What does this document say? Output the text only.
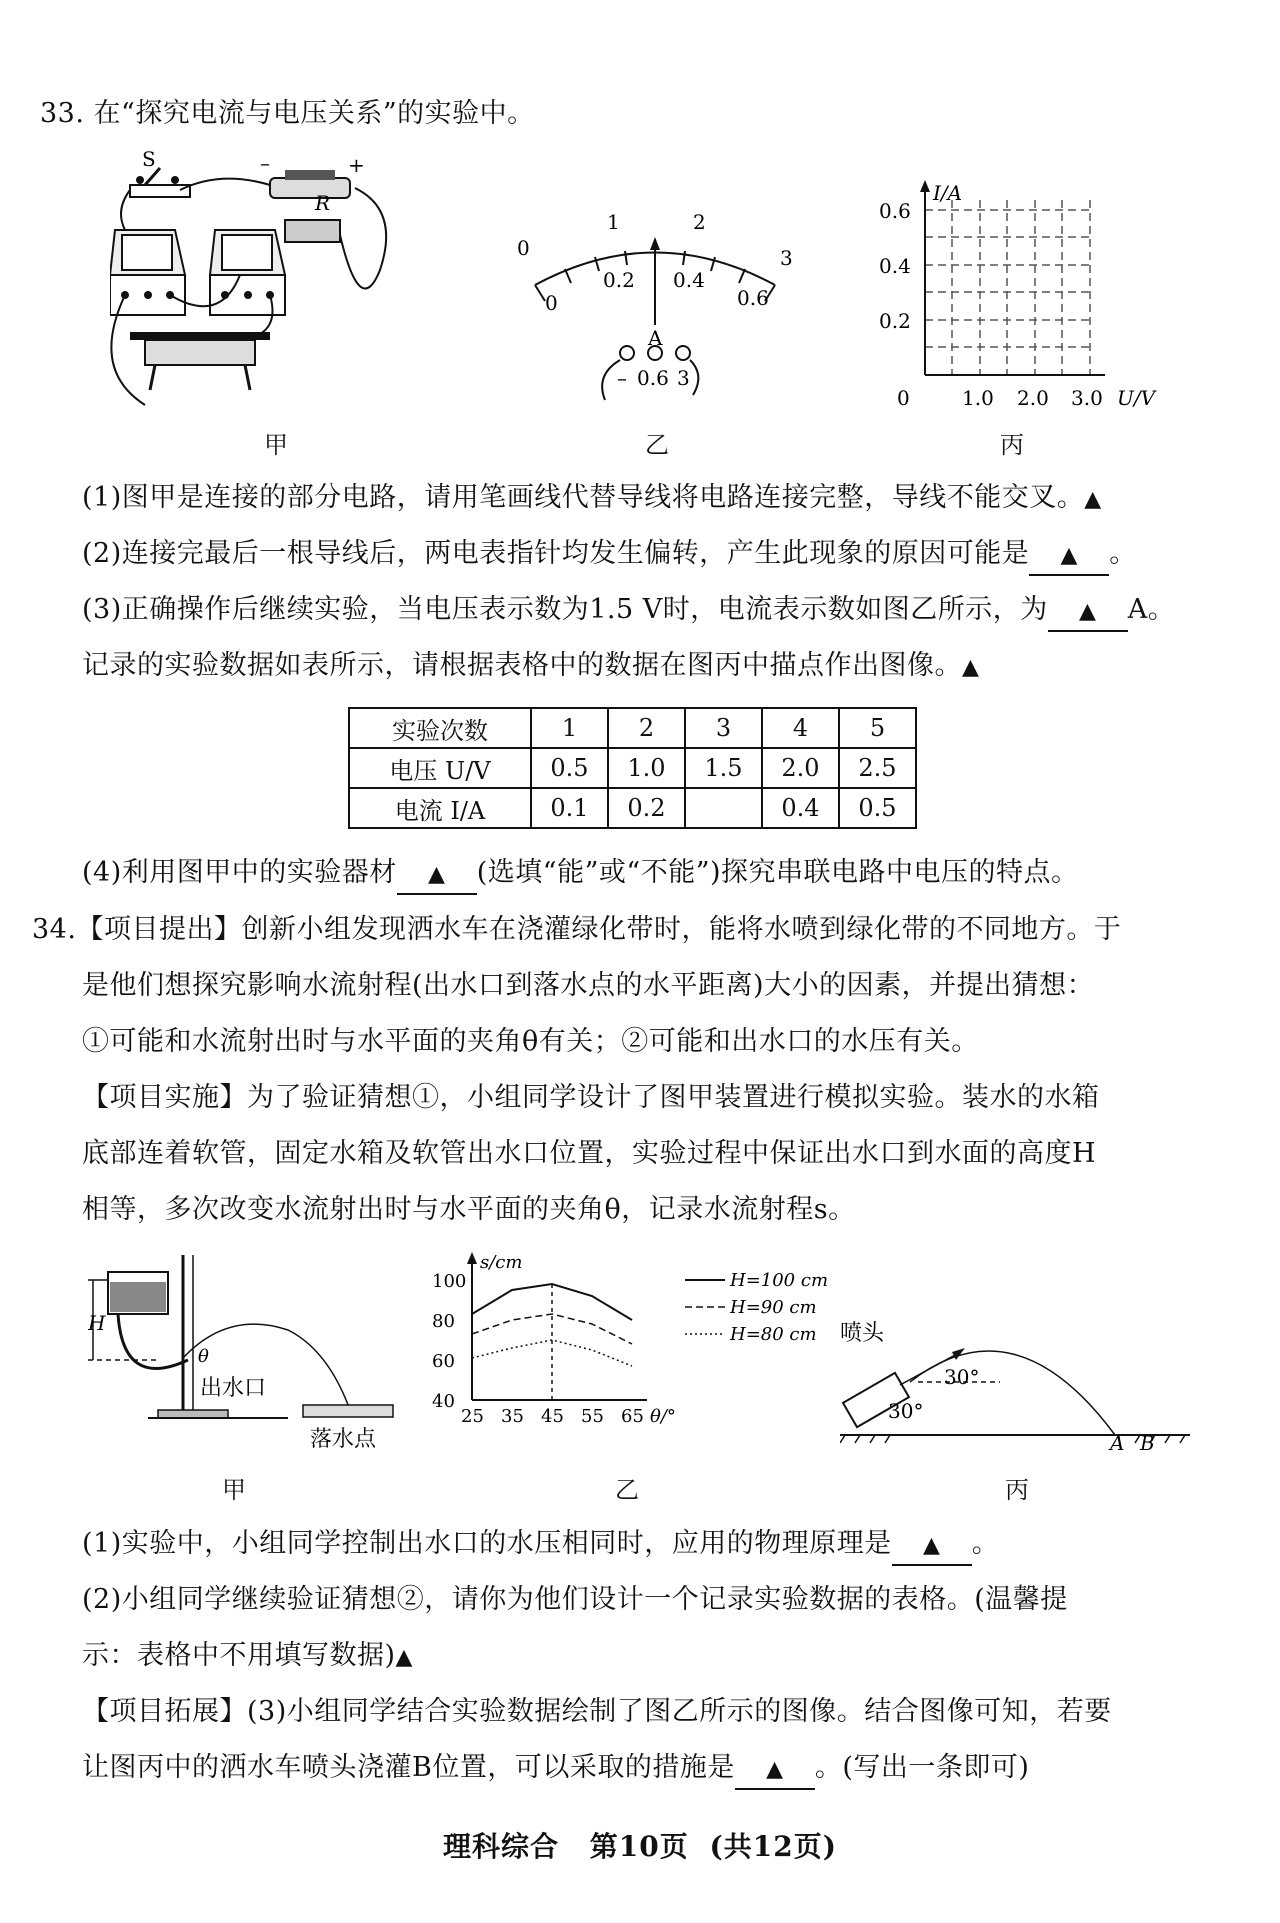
33. 在“探究电流与电压关系”的实验中。
S	–	+
R
甲
0
1	2
3
0
0.2 0.4
0.6
A
– 0.6 3
乙
I/A
0.6
0.4
0.2
0	1.0 2.0 3.0 U/V
丙
(1)图甲是连接的部分电路，请用笔画线代替导线将电路连接完整，导线不能交叉。▲
(2)连接完最后一根导线后，两电表指针均发生偏转，产生此现象的原因可能是 ▲ 。
(3)正确操作后继续实验，当电压表示数为1.5 V时，电流表示数如图乙所示，为 ▲ A。
记录的实验数据如表所示，请根据表格中的数据在图丙中描点作出图像。▲
实验次数	1	2	3	4	5
电压 U/V	0.5	1.0	1.5	2.0	2.5
电流 I/A	0.1	0.2		0.4	0.5
(4)利用图甲中的实验器材 ▲ (选填“能”或“不能”)探究串联电路中电压的特点。
34.【项目提出】创新小组发现洒水车在浇灌绿化带时，能将水喷到绿化带的不同地方。于
是他们想探究影响水流射程(出水口到落水点的水平距离)大小的因素，并提出猜想：
①可能和水流射出时与水平面的夹角θ有关；②可能和出水口的水压有关。
【项目实施】为了验证猜想①，小组同学设计了图甲装置进行模拟实验。装水的水箱
底部连着软管，固定水箱及软管出水口位置，实验过程中保证出水口到水面的高度H
相等，多次改变水流射出时与水平面的夹角θ，记录水流射程s。
H
θ
出水口
落水点
甲
s/cm
θ/°
100
80
60
40
25 35 45 55 65
H=100 cm
H=90 cm
H=80 cm
乙
喷头
30°
30°
A B
丙
(1)实验中，小组同学控制出水口的水压相同时，应用的物理原理是 ▲ 。
(2)小组同学继续验证猜想②，请你为他们设计一个记录实验数据的表格。(温馨提
示：表格中不用填写数据)▲
【项目拓展】(3)小组同学结合实验数据绘制了图乙所示的图像。结合图像可知，若要
让图丙中的洒水车喷头浇灌B位置，可以采取的措施是 ▲ 。(写出一条即可)
理科综合 第10页 (共12页)
